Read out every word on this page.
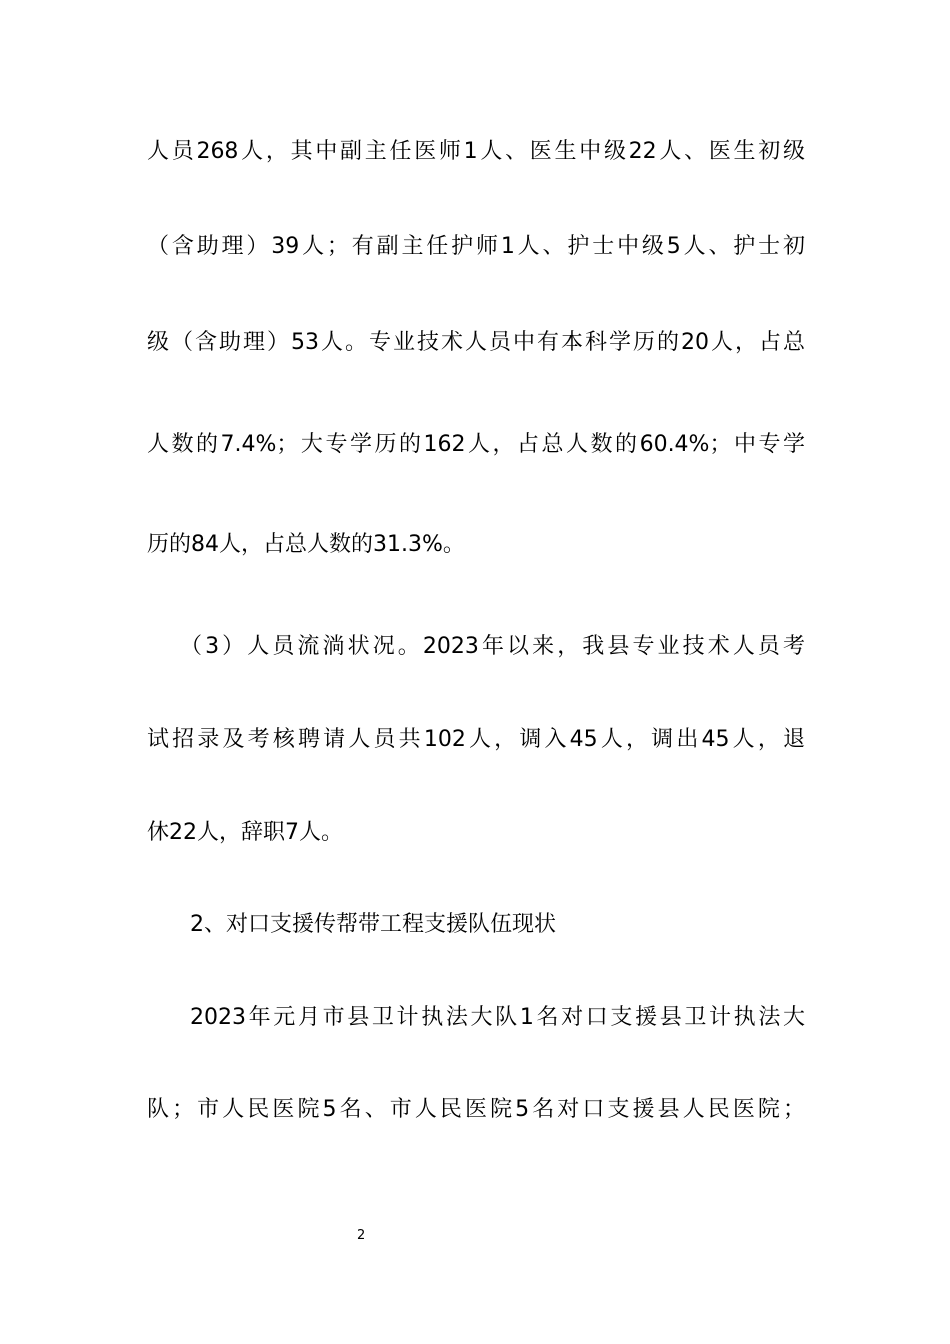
人员268人，其中副主任医师1人、医生中级22人、医生初级
（含助理）39人；有副主任护师1人、护士中级5人、护士初
级（含助理）53人。专业技术人员中有本科学历的20人，占总
人数的7.4%；大专学历的162人，占总人数的60.4%；中专学
历的84人，占总人数的31.3%。
（3）人员流淌状况。2023年以来，我县专业技术人员考
试招录及考核聘请人员共102人，调入45人，调出45人，退
休22人，辞职7人。
2、对口支援传帮带工程支援队伍现状
2023年元月市县卫计执法大队1名对口支援县卫计执法大
队；市人民医院5名、市人民医院5名对口支援县人民医院；
2
